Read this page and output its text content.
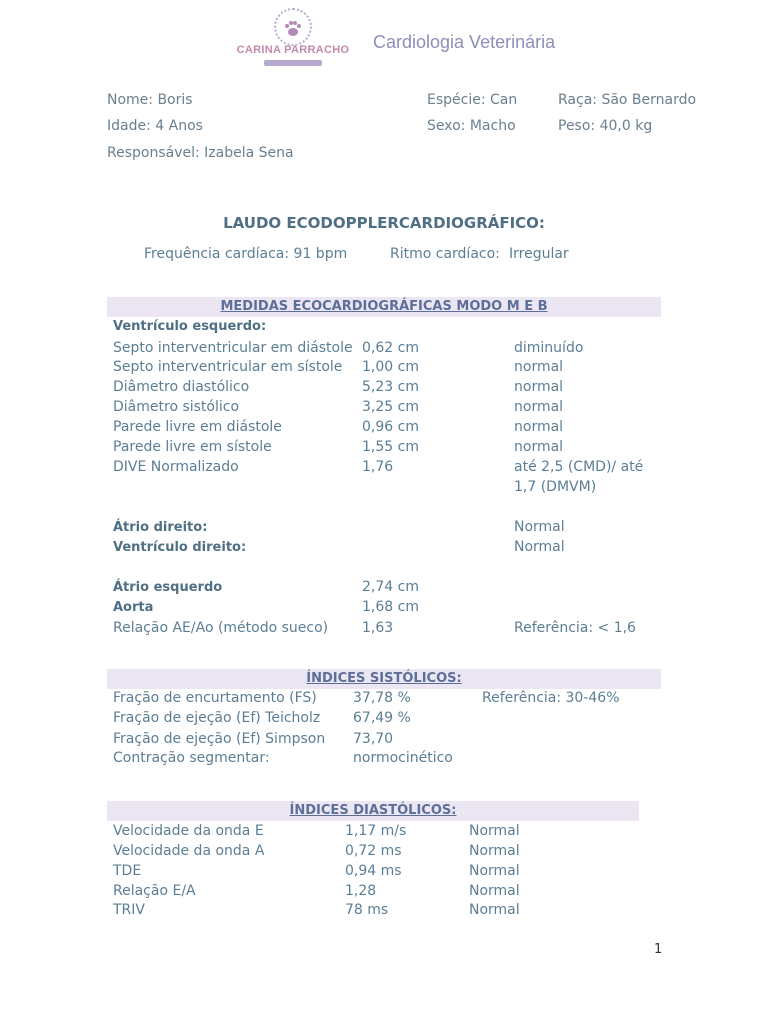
CARINA PARRACHO	Cardiologia Veterinária
Nome: Boris
Idade: 4 Anos
Responsável: Izabela Sena
Espécie: Can
Sexo: Macho
Raça: São Bernardo
Peso: 40,0 kg
LAUDO ECODOPPLERCARDIOGRÁFICO:
Frequência cardíaca: 91 bpm	Ritmo cardíaco: Irregular
MEDIDAS ECOCARDIOGRÁFICAS MODO M E B
Ventrículo esquerdo:
Septo interventricular em diástole 0,62 cm	diminuído
Septo interventricular em sístole 1,00 cm	normal
Diâmetro diastólico	5,23 cm	normal
Diâmetro sistólico	3,25 cm	normal
Parede livre em diástole	0,96 cm	normal
Parede livre em sístole	1,55 cm	normal
DIVE Normalizado	1,76	até 2,5 (CMD)/ até
1,7 (DMVM)
Átrio direito:	Normal
Ventrículo direito:	Normal
Átrio esquerdo	2,74 cm
Aorta	1,68 cm
Relação AE/Ao (método sueco) 1,63	Referência: < 1,6
ÍNDICES SISTÓLICOS:
Fração de encurtamento (FS)	37,78 %	Referência: 30-46%
Fração de ejeção (Ef) Teicholz 67,49 %
Fração de ejeção (Ef) Simpson 73,70
Contração segmentar:	normocinético
ÍNDICES DIASTÓLICOS:
Velocidade da onda E	1,17 m/s	Normal
Velocidade da onda A	0,72 ms	Normal
TDE	0,94 ms	Normal
Relação E/A	1,28	Normal
TRIV	78 ms	Normal
1
